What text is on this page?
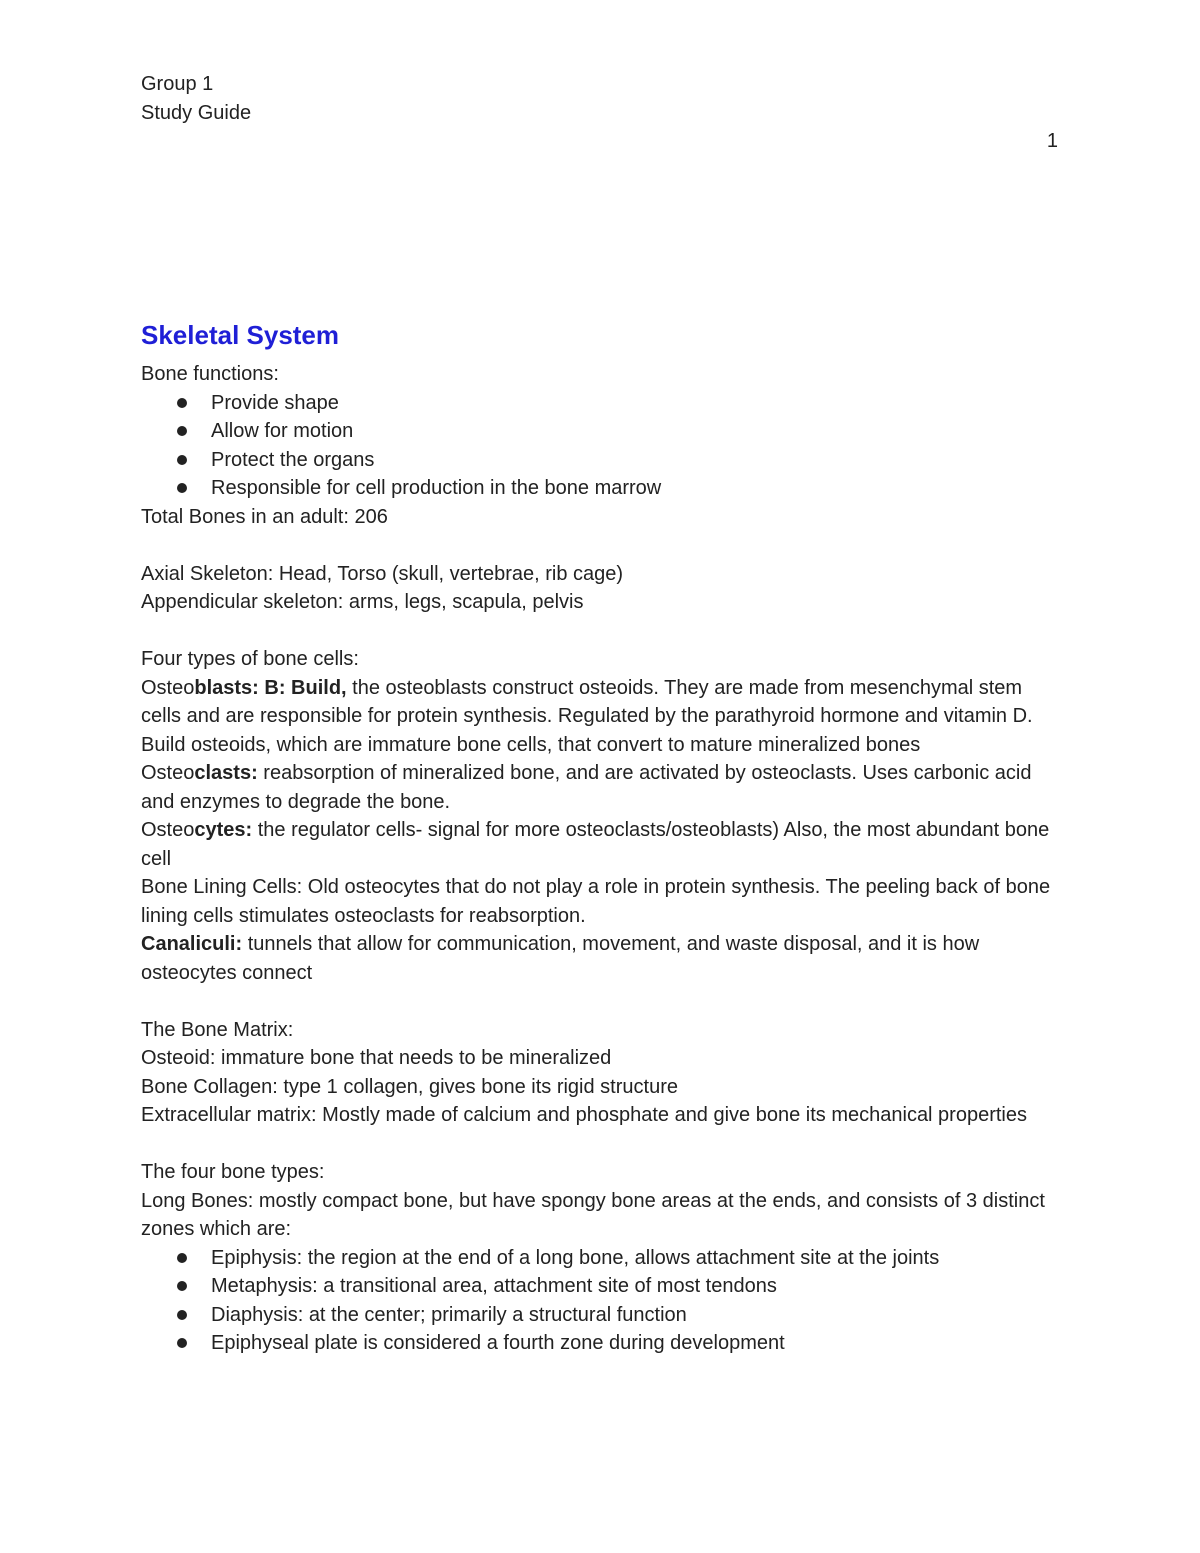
Group 1
Study Guide
1
Skeletal System

Bone functions:

Provide shape
Allow for motion
Protect the organs
Responsible for cell production in the bone marrow

Total Bones in an adult: 206

Axial Skeleton: Head, Torso (skull, vertebrae, rib cage)

Appendicular skeleton: arms, legs, scapula, pelvis

Four types of bone cells:

Osteoblasts: B: Build, the osteoblasts construct osteoids. They are made from mesenchymal stem cells and are responsible for protein synthesis. Regulated by the parathyroid hormone and vitamin D. Build osteoids, which are immature bone cells, that convert to mature mineralized bones

Osteoclasts: reabsorption of mineralized bone, and are activated by osteoclasts. Uses carbonic acid and enzymes to degrade the bone.

Osteocytes: the regulator cells- signal for more osteoclasts/osteoblasts) Also, the most abundant bone cell

Bone Lining Cells: Old osteocytes that do not play a role in protein synthesis. The peeling back of bone lining cells stimulates osteoclasts for reabsorption.

Canaliculi: tunnels that allow for communication, movement, and waste disposal, and it is how osteocytes connect

The Bone Matrix:

Osteoid: immature bone that needs to be mineralized

Bone Collagen: type 1 collagen, gives bone its rigid structure

Extracellular matrix: Mostly made of calcium and phosphate and give bone its mechanical properties

The four bone types:

Long Bones: mostly compact bone, but have spongy bone areas at the ends, and consists of 3 distinct zones which are:

Epiphysis: the region at the end of a long bone, allows attachment site at the joints
Metaphysis: a transitional area, attachment site of most tendons
Diaphysis: at the center; primarily a structural function
Epiphyseal plate is considered a fourth zone during development
